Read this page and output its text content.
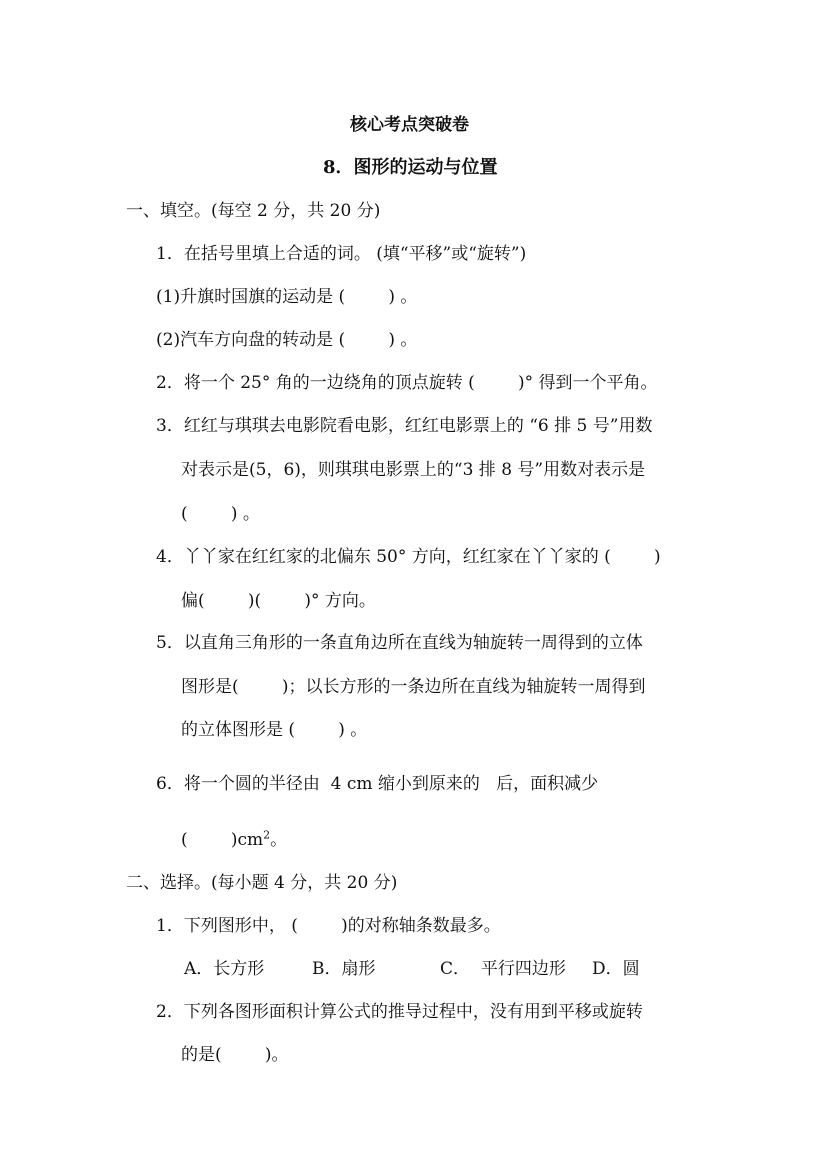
核心考点突破卷
8．图形的运动与位置
一、填空。(每空 2 分，共 20 分)
1．在括号里填上合适的词。 (填“平移”或“旋转”)
(1)升旗时国旗的运动是 (        ) 。
(2)汽车方向盘的转动是 (        ) 。
2．将一个 25° 角的一边绕角的顶点旋转 (        )° 得到一个平角。
3．红红与琪琪去电影院看电影，红红电影票上的 “6 排 5 号”用数
对表示是(5，6)，则琪琪电影票上的“3 排 8 号”用数对表示是
(        ) 。
4．丫丫家在红红家的北偏东 50° 方向，红红家在丫丫家的 (        )
偏(        )(        )° 方向。
5．以直角三角形的一条直角边所在直线为轴旋转一周得到的立体
图形是(        )；以长方形的一条边所在直线为轴旋转一周得到
的立体图形是 (        ) 。
6．将一个圆的半径由  4 cm 缩小到原来的   后，面积减少
(        )$cm^2$。
二、选择。(每小题 4 分，共 20 分)
1．下列图形中， (        )的对称轴条数最多。
A．长方形	B．扇形	C．  平行四边形 D．圆
2．下列各图形面积计算公式的推导过程中，没有用到平移或旋转
的是(        )。
